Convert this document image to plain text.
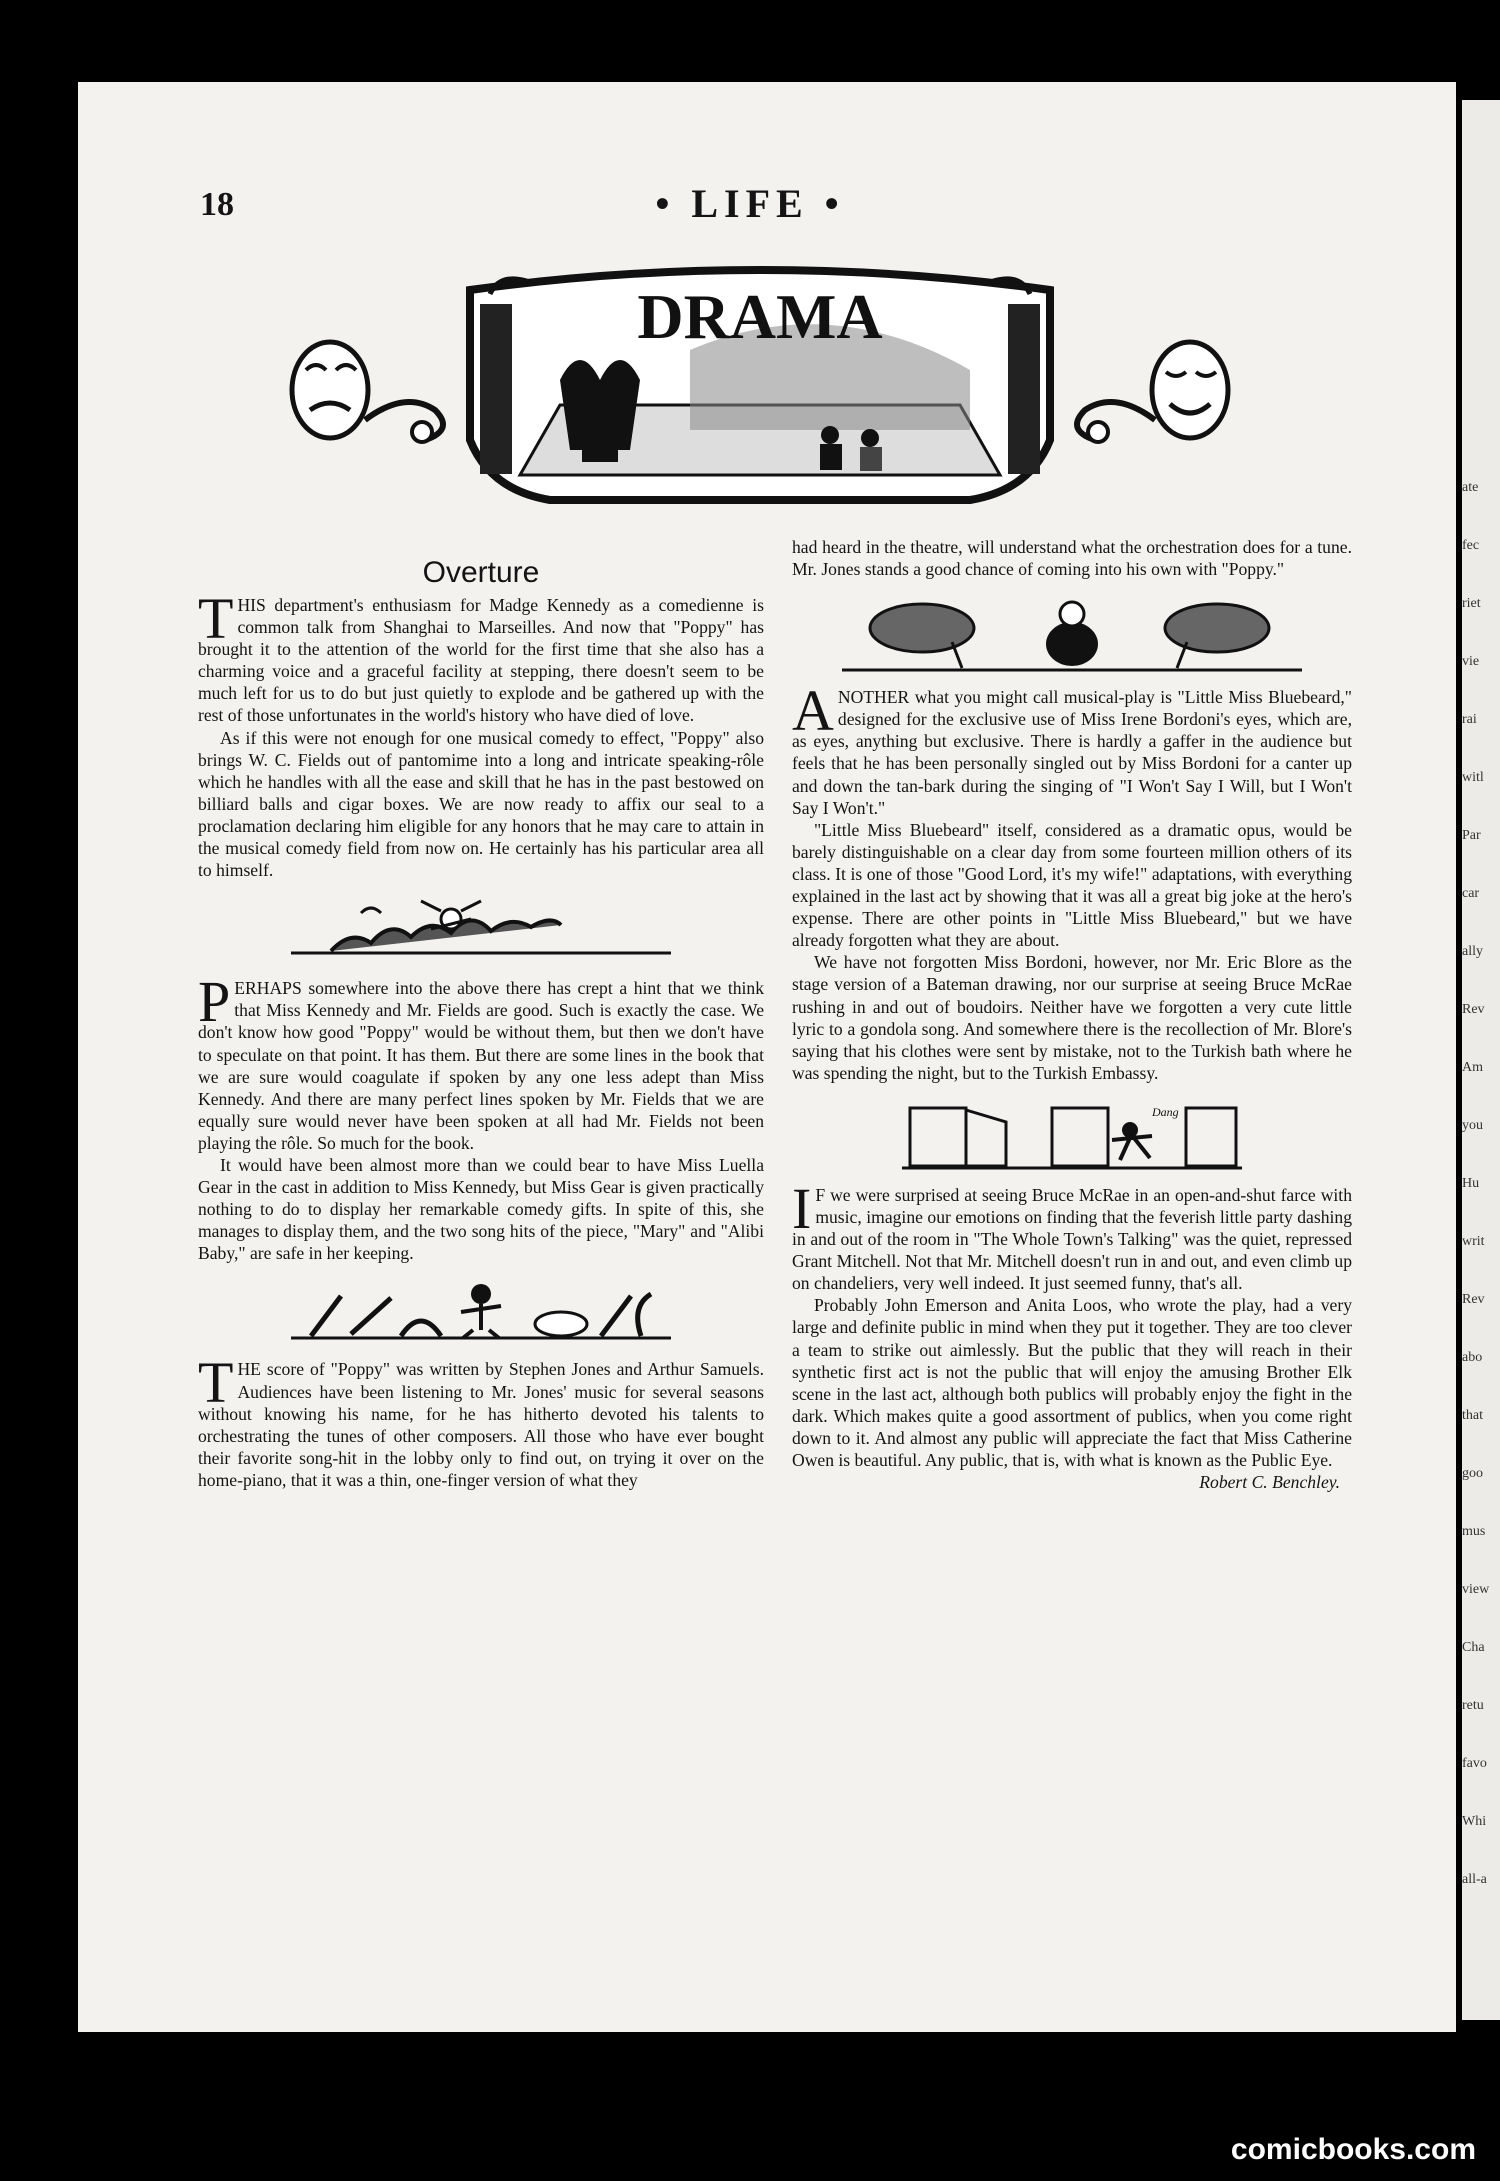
ate
fec
riet
vie
rai
witl
Par
car
ally
Rev
Am
you
Hu
writ
Rev
abo
that
goo
mus
view
Cha
retu
favo
Whi
all-a
18	• LIFE •
DRAMA
Overture

THIS department's enthusiasm for Madge Kennedy as a comedienne is common talk from Shanghai to Marseilles. And now that "Poppy" has brought it to the attention of the world for the first time that she also has a charming voice and a graceful facility at stepping, there doesn't seem to be much left for us to do but just quietly to explode and be gathered up with the rest of those unfortunates in the world's history who have died of love.

As if this were not enough for one musical comedy to effect, "Poppy" also brings W. C. Fields out of pantomime into a long and intricate speaking-rôle which he handles with all the ease and skill that he has in the past bestowed on billiard balls and cigar boxes. We are now ready to affix our seal to a proclamation declaring him eligible for any honors that he may care to attain in the musical comedy field from now on. He certainly has his particular area all to himself.

PERHAPS somewhere into the above there has crept a hint that we think that Miss Kennedy and Mr. Fields are good. Such is exactly the case. We don't know how good "Poppy" would be without them, but then we don't have to speculate on that point. It has them. But there are some lines in the book that we are sure would coagulate if spoken by any one less adept than Miss Kennedy. And there are many perfect lines spoken by Mr. Fields that we are equally sure would never have been spoken at all had Mr. Fields not been playing the rôle. So much for the book.

It would have been almost more than we could bear to have Miss Luella Gear in the cast in addition to Miss Kennedy, but Miss Gear is given practically nothing to do to display her remarkable comedy gifts. In spite of this, she manages to display them, and the two song hits of the piece, "Mary" and "Alibi Baby," are safe in her keeping.

THE score of "Poppy" was written by Stephen Jones and Arthur Samuels. Audiences have been listening to Mr. Jones' music for several seasons without knowing his name, for he has hitherto devoted his talents to orchestrating the tunes of other composers. All those who have ever bought their favorite song-hit in the lobby only to find out, on trying it over on the home-piano, that it was a thin, one-finger version of what they

had heard in the theatre, will understand what the orchestration does for a tune. Mr. Jones stands a good chance of coming into his own with "Poppy."

ANOTHER what you might call musical-play is "Little Miss Bluebeard," designed for the exclusive use of Miss Irene Bordoni's eyes, which are, as eyes, anything but exclusive. There is hardly a gaffer in the audience but feels that he has been personally singled out by Miss Bordoni for a canter up and down the tan-bark during the singing of "I Won't Say I Will, but I Won't Say I Won't."

"Little Miss Bluebeard" itself, considered as a dramatic opus, would be barely distinguishable on a clear day from some fourteen million others of its class. It is one of those "Good Lord, it's my wife!" adaptations, with everything explained in the last act by showing that it was all a great big joke at the hero's expense. There are other points in "Little Miss Bluebeard," but we have already forgotten what they are about.

We have not forgotten Miss Bordoni, however, nor Mr. Eric Blore as the stage version of a Bateman drawing, nor our surprise at seeing Bruce McRae rushing in and out of boudoirs. Neither have we forgotten a very cute little lyric to a gondola song. And somewhere there is the recollection of Mr. Blore's saying that his clothes were sent by mistake, not to the Turkish bath where he was spending the night, but to the Turkish Embassy.

Dang

I F we were surprised at seeing Bruce McRae in an open-and-shut farce with music, imagine our emotions on finding that the feverish little party dashing in and out of the room in "The Whole Town's Talking" was the quiet, repressed Grant Mitchell. Not that Mr. Mitchell doesn't run in and out, and even climb up on chandeliers, very well indeed. It just seemed funny, that's all.

Probably John Emerson and Anita Loos, who wrote the play, had a very large and definite public in mind when they put it together. They are too clever a team to strike out aimlessly. But the public that they will reach in their synthetic first act is not the public that will enjoy the amusing Brother Elk scene in the last act, although both publics will probably enjoy the fight in the dark. Which makes quite a good assortment of publics, when you come right down to it. And almost any public will appreciate the fact that Miss Catherine Owen is beautiful. Any public, that is, with what is known as the Public Eye.

Robert C. Benchley.

comicbooks.com
